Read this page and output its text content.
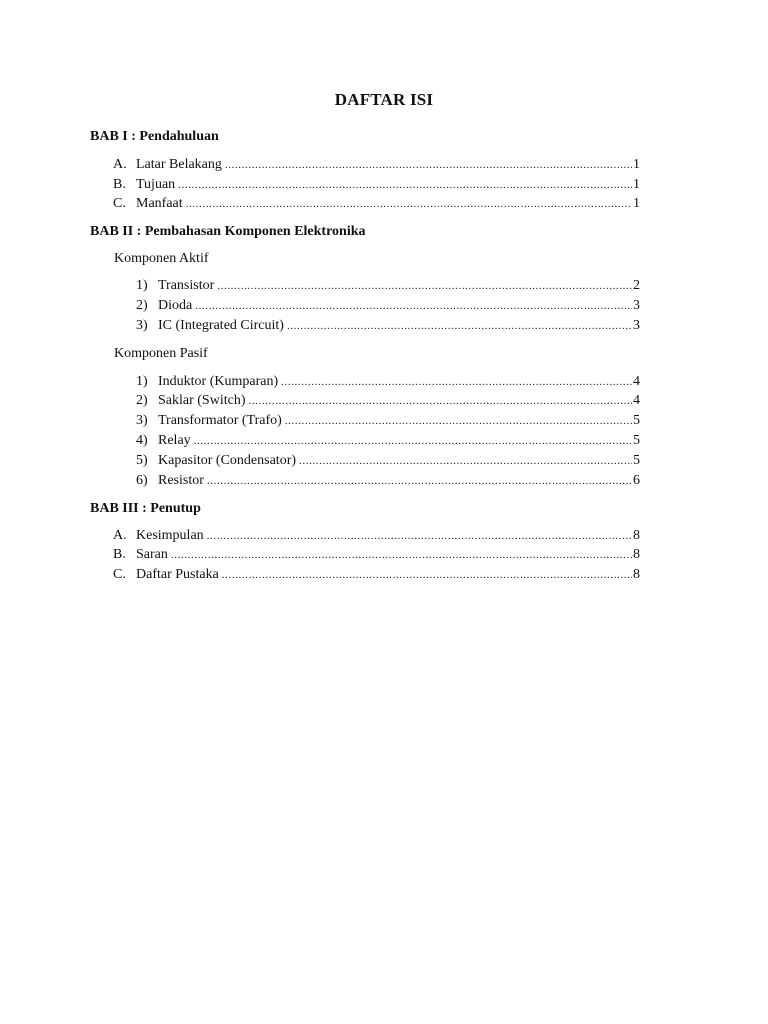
DAFTAR ISI
BAB I : Pendahuluan
A. Latar Belakang .....	1
B. Tujuan .....	1
C. Manfaat .....	1
BAB II : Pembahasan Komponen Elektronika
Komponen Aktif
1) Transistor .....	2
2) Dioda .....	3
3) IC (Integrated Circuit) .....	3
Komponen Pasif
1) Induktor (Kumparan) .....	4
2) Saklar (Switch) .....	4
3) Transformator (Trafo) .....	5
4) Relay .....	5
5) Kapasitor (Condensator) .....	5
6) Resistor .....	6
BAB III : Penutup
A. Kesimpulan .....	8
B. Saran .....	8
C. Daftar Pustaka .....	8
